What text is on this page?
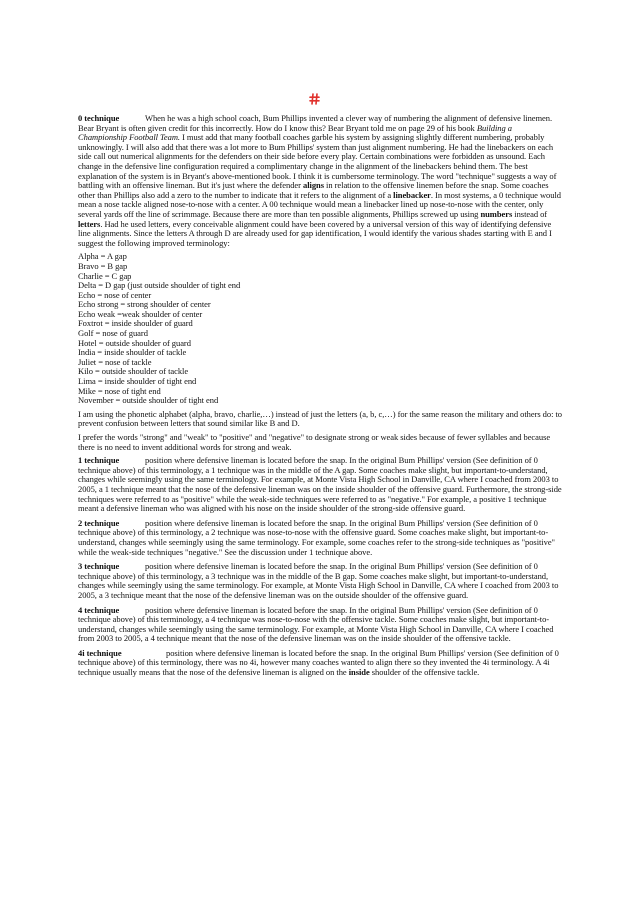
0 technique	When he was a high school coach, Bum Phillips invented a clever way of numbering the alignment of defensive linemen. Bear Bryant is often given credit for this incorrectly. How do I know this? Bear Bryant told me on page 29 of his book Building a Championship Football Team. I must add that many football coaches garble his system by assigning slightly different numbering, probably unknowingly. I will also add that there was a lot more to Bum Phillips' system than just alignment numbering. He had the linebackers on each side call out numerical alignments for the defenders on their side before every play. Certain combinations were forbidden as unsound. Each change in the defensive line configuration required a complimentary change in the alignment of the linebackers behind them. The best explanation of the system is in Bryant's above-mentioned book. I think it is cumbersome terminology. The word "technique" suggests a way of battling with an offensive lineman. But it's just where the defender aligns in relation to the offensive linemen before the snap. Some coaches other than Phillips also add a zero to the number to indicate that it refers to the alignment of a linebacker. In most systems, a 0 technique would mean a nose tackle aligned nose-to-nose with a center. A 00 technique would mean a linebacker lined up nose-to-nose with the center, only several yards off the line of scrimmage. Because there are more than ten possible alignments, Phillips screwed up using numbers instead of letters. Had he used letters, every conceivable alignment could have been covered by a universal version of this way of identifying defensive line alignments. Since the letters A through D are already used for gap identification, I would identify the various shades starting with E and I suggest the following improved terminology:

Alpha = A gap
Bravo = B gap
Charlie = C gap
Delta = D gap (just outside shoulder of tight end
Echo = nose of center
Echo strong = strong shoulder of center
Echo weak =weak shoulder of center
Foxtrot = inside shoulder of guard
Golf = nose of guard
Hotel = outside shoulder of guard
India = inside shoulder of tackle
Juliet = nose of tackle
Kilo = outside shoulder of tackle
Lima = inside shoulder of tight end
Mike = nose of tight end
November = outside shoulder of tight end

I am using the phonetic alphabet (alpha, bravo, charlie,…) instead of just the letters (a, b, c,…) for the same reason the military and others do: to prevent confusion between letters that sound similar like B and D.

I prefer the words "strong" and "weak" to "positive" and "negative" to designate strong or weak sides because of fewer syllables and because there is no need to invent additional words for strong and weak.

1 technique	position where defensive lineman is located before the snap. In the original Bum Phillips' version (See definition of 0 technique above) of this terminology, a 1 technique was in the middle of the A gap. Some coaches make slight, but important-to-understand, changes while seemingly using the same terminology. For example, at Monte Vista High School in Danville, CA where I coached from 2003 to 2005, a 1 technique meant that the nose of the defensive lineman was on the inside shoulder of the offensive guard. Furthermore, the strong-side techniques were referred to as "positive" while the weak-side techniques were referred to as "negative." For example, a positive 1 technique meant a defensive lineman who was aligned with his nose on the inside shoulder of the strong-side offensive guard.

2 technique	position where defensive lineman is located before the snap. In the original Bum Phillips' version (See definition of 0 technique above) of this terminology, a 2 technique was nose-to-nose with the offensive guard. Some coaches make slight, but important-to-understand, changes while seemingly using the same terminology. For example, some coaches refer to the strong-side techniques as "positive" while the weak-side techniques "negative." See the discussion under 1 technique above.

3 technique	position where defensive lineman is located before the snap. In the original Bum Phillips' version (See definition of 0 technique above) of this terminology, a 3 technique was in the middle of the B gap. Some coaches make slight, but important-to-understand, changes while seemingly using the same terminology. For example, at Monte Vista High School in Danville, CA where I coached from 2003 to 2005, a 3 technique meant that the nose of the defensive lineman was on the outside shoulder of the offensive guard.

4 technique	position where defensive lineman is located before the snap. In the original Bum Phillips' version (See definition of 0 technique above) of this terminology, a 4 technique was nose-to-nose with the offensive tackle. Some coaches make slight, but important-to-understand, changes while seemingly using the same terminology. For example, at Monte Vista High School in Danville, CA where I coached from 2003 to 2005, a 4 technique meant that the nose of the defensive lineman was on the inside shoulder of the offensive tackle.

4i technique	position where defensive lineman is located before the snap. In the original Bum Phillips' version (See definition of 0 technique above) of this terminology, there was no 4i, however many coaches wanted to align there so they invented the 4i terminology. A 4i technique usually means that the nose of the defensive lineman is aligned on the inside shoulder of the offensive tackle.
